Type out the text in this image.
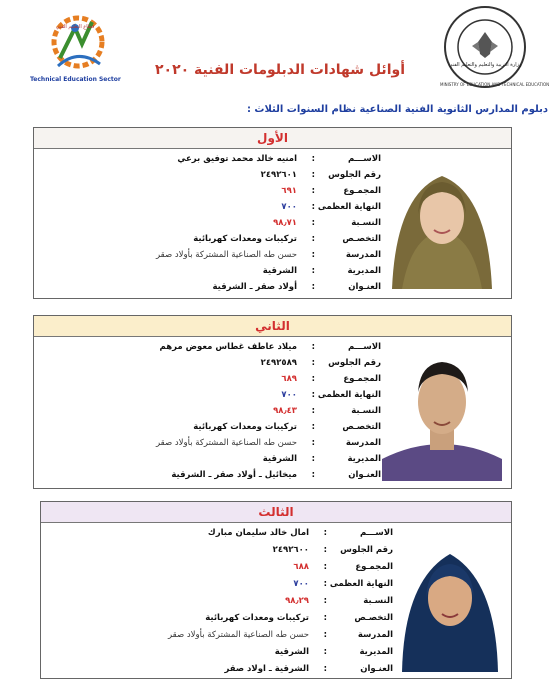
قطاع التعليم الفني
Technical Education Sector
وزارة التربية والتعليم والتعليم الفني
MINISTRY OF EDUCATION AND TECHNICAL EDUCATION
أوائل شهادات الدبلومات الفنية ٢٠٢٠
دبلوم المدارس الثانوية الفنية الصناعية نظام السنوات الثلاث :
الأول
الاســـم
:
امنيه خالد محمد توفيق برعي
رقم الجلوس
:
٢٤٩٢٦٠١
المجمـوع
:
٦٩١
النهاية العظمى
:
٧٠٠
النسـبة
:
٩٨٫٧١
التخصـص
:
تركيبات ومعدات كهربائية
المدرسة
:
حسن طه الصناعية المشتركة بأولاد صقر
المديرية
:
الشرقية
العنـوان
:
أولاد صقر ـ الشرقية
الثاني
الاســـم
:
ميلاد عاطف غطاس معوض مرهم
رقم الجلوس
:
٢٤٩٢٥٨٩
المجمـوع
:
٦٨٩
النهاية العظمى
:
٧٠٠
النسـبة
:
٩٨٫٤٣
التخصـص
:
تركيبات ومعدات كهربائية
المدرسة
:
حسن طه الصناعية المشتركة بأولاد صقر
المديرية
:
الشرقية
العنـوان
:
ميخائيل ـ أولاد صقر ـ الشرقية
الثالث
الاســـم
:
امال خالد سليمان مبارك
رقم الجلوس
:
٢٤٩٢٦٠٠
المجمـوع
:
٦٨٨
النهاية العظمى
:
٧٠٠
النسـبة
:
٩٨٫٢٩
التخصـص
:
تركيبات ومعدات كهربائية
المدرسة
:
حسن طه الصناعية المشتركة بأولاد صقر
المديرية
:
الشرقية
العنـوان
:
الشرقية ـ اولاد صقر
